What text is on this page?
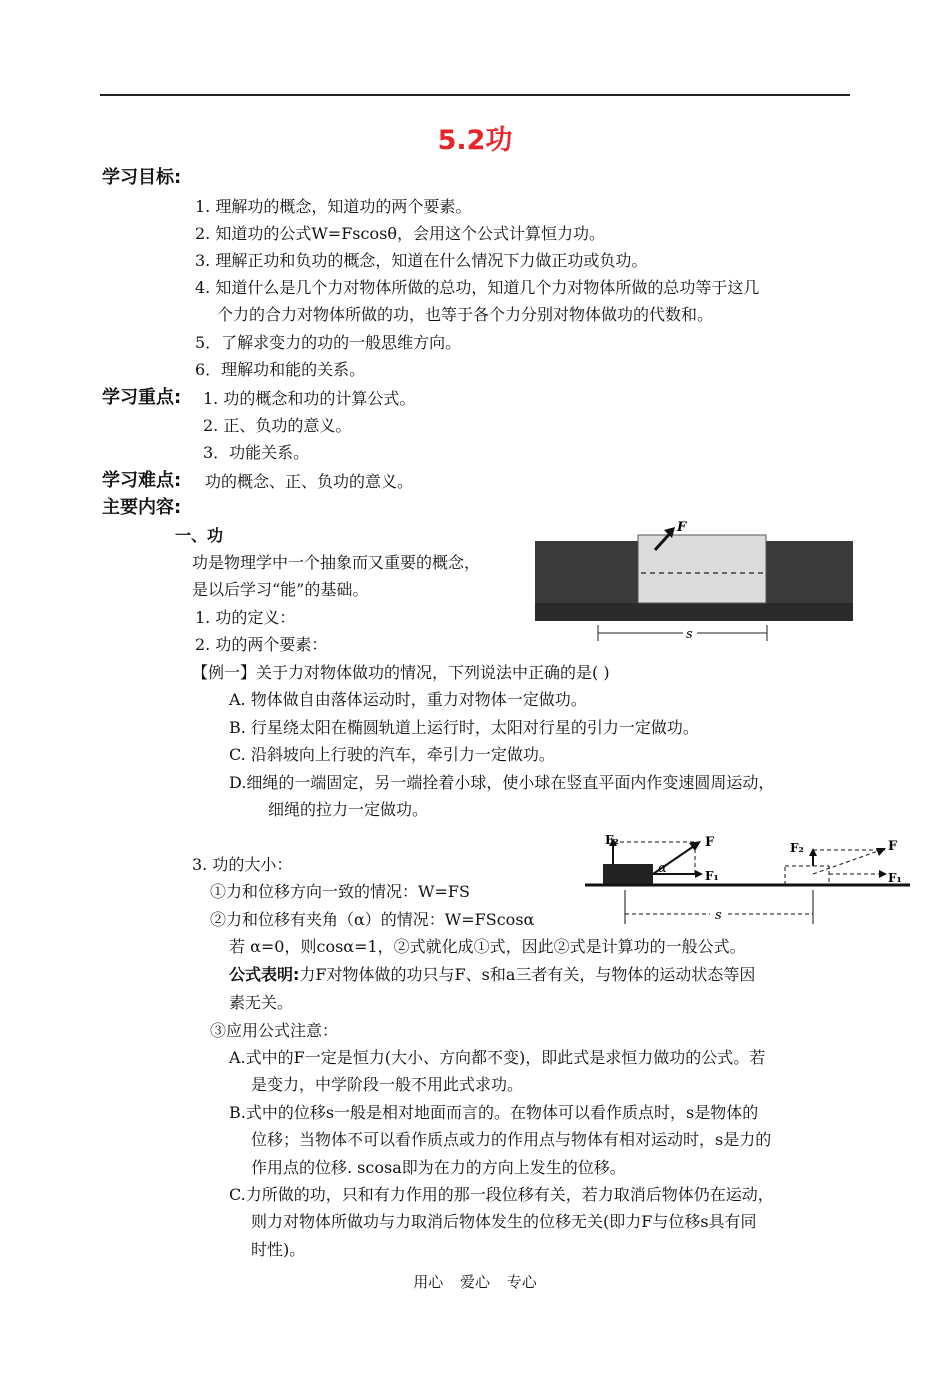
5.2功
学习目标:
1. 理解功的概念，知道功的两个要素。
2. 知道功的公式W=Fscosθ，会用这个公式计算恒力功。
3. 理解正功和负功的概念，知道在什么情况下力做正功或负功。
4. 知道什么是几个力对物体所做的总功，知道几个力对物体所做的总功等于这几
个力的合力对物体所做的功，也等于各个力分别对物体做功的代数和。
5．了解求变力的功的一般思维方向。
6．理解功和能的关系。
学习重点: 1. 功的概念和功的计算公式。
2. 正、负功的意义。
3．功能关系。
学习难点: 功的概念、正、负功的意义。
主要内容:
一、功
功是物理学中一个抽象而又重要的概念，
是以后学习“能”的基础。
1. 功的定义：
2. 功的两个要素：
F
s
【例一】关于力对物体做功的情况，下列说法中正确的是( )
A. 物体做自由落体运动时，重力对物体一定做功。
B. 行星绕太阳在椭圆轨道上运行时，太阳对行星的引力一定做功。
C. 沿斜坡向上行驶的汽车，牵引力一定做功。
D.细绳的一端固定，另一端拴着小球，使小球在竖直平面内作变速圆周运动，
细绳的拉力一定做功。
F₂	F
F₁
α
F₂	F
F₁
s
3. 功的大小：
①力和位移方向一致的情况：W=FS
②力和位移有夹角（α）的情况：W=FScosα
若 α=0，则cosα=1，②式就化成①式，因此②式是计算功的一般公式。
公式表明:力F对物体做的功只与F、s和a三者有关，与物体的运动状态等因
素无关。
③应用公式注意：
A.式中的F一定是恒力(大小、方向都不变)，即此式是求恒力做功的公式。若
是变力，中学阶段一般不用此式求功。
B.式中的位移s一般是相对地面而言的。在物体可以看作质点时，s是物体的
位移；当物体不可以看作质点或力的作用点与物体有相对运动时，s是力的
作用点的位移. scosa即为在力的方向上发生的位移。
C.力所做的功，只和有力作用的那一段位移有关，若力取消后物体仍在运动，
则力对物体所做功与力取消后物体发生的位移无关(即力F与位移s具有同
时性)。
用心 爱心 专心
